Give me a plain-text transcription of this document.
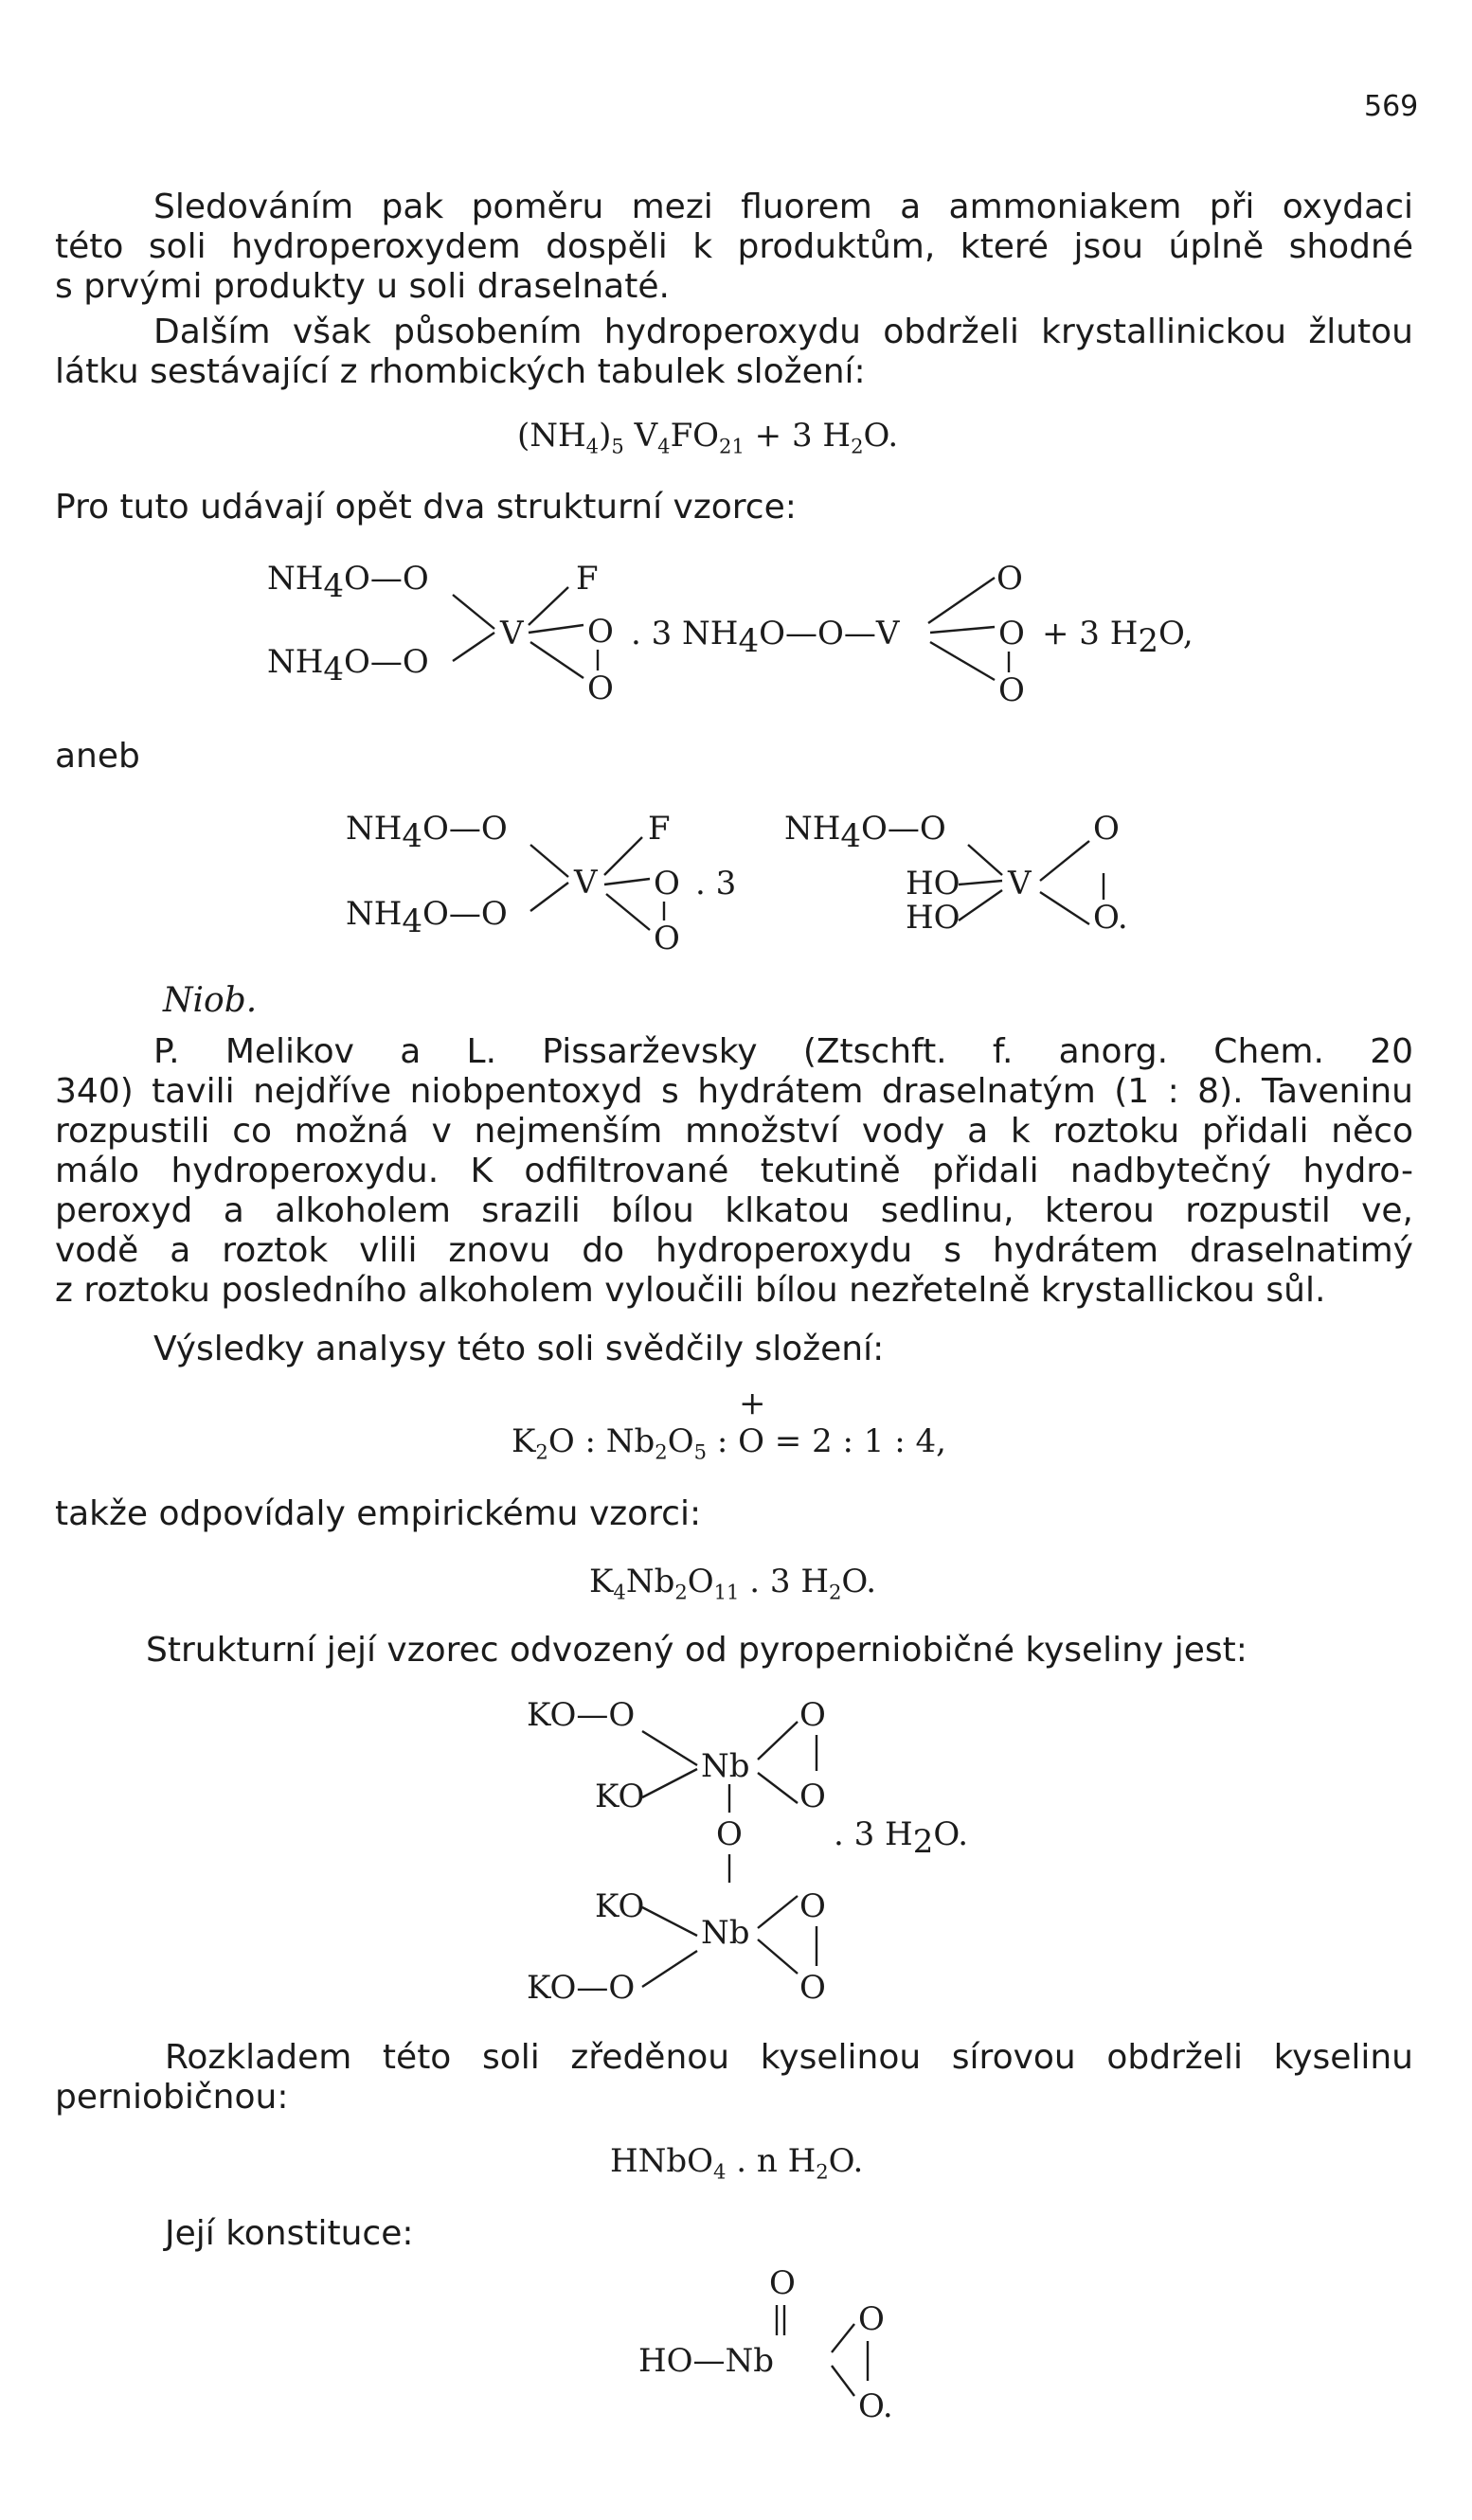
569
Sledováním pak poměru mezi fluorem a ammoniakem při oxydaci
této soli hydroperoxydem dospěli k produktům, které jsou úplně shodné
s prvými produkty u soli draselnaté.
Dalším však působením hydroperoxydu obdrželi krystallinickou žlutou
látku sestávající z rhombických tabulek složení:
$(NH_4)_5$ $V_4FO_{21} + 3$ $H_2O$.
Pro tuto udávají opět dva strukturní vzorce:
NH4O—O
NH4O—O
V
F
O
O
. 3 NH4O—O—V
O
O
O
+ 3 H2O,
aneb
NH4O—O
NH4O—O
V
F
O . 3
O
NH4O—O
HO
HO
V
O
O.
Niob.
P. Melikov a L. Pissarževsky (Ztschft. f. anorg. Chem. 20
340) tavili nejdříve niobpentoxyd s hydrátem draselnatým (1 : 8). Taveninu
rozpustili co možná v nejmenším množství vody a k roztoku přidali něco
málo hydroperoxydu. K odfiltrované tekutině přidali nadbytečný hydro-
peroxyd a alkoholem srazili bílou klkatou sedlinu, kterou rozpustil ve,
vodě a roztok vlili znovu do hydroperoxydu s hydrátem draselnatimý
z roztoku posledního alkoholem vyloučili bílou nezřetelně krystallickou sůl.
Výsledky analysy této soli svědčily složení:
+
$K_2O$ : $Nb_2O_5$ : O = 2 : 1 : 4,
takže odpovídaly empirickému vzorci:
$K_4Nb_2O_{11}$ . 3 $H_2O$.
Strukturní její vzorec odvozený od pyroperniobičné kyseliny jest:
KO—O
KO
Nb
O
O
O	. 3 H2O.
KO
Nb
O
O
KO—O
Rozkladem této soli zředěnou kyselinou sírovou obdrželi kyselinu
perniobičnou:
HNbO$_4$ . n $H_2O$.
Její konstituce:
O
HO—Nb
O
O.
